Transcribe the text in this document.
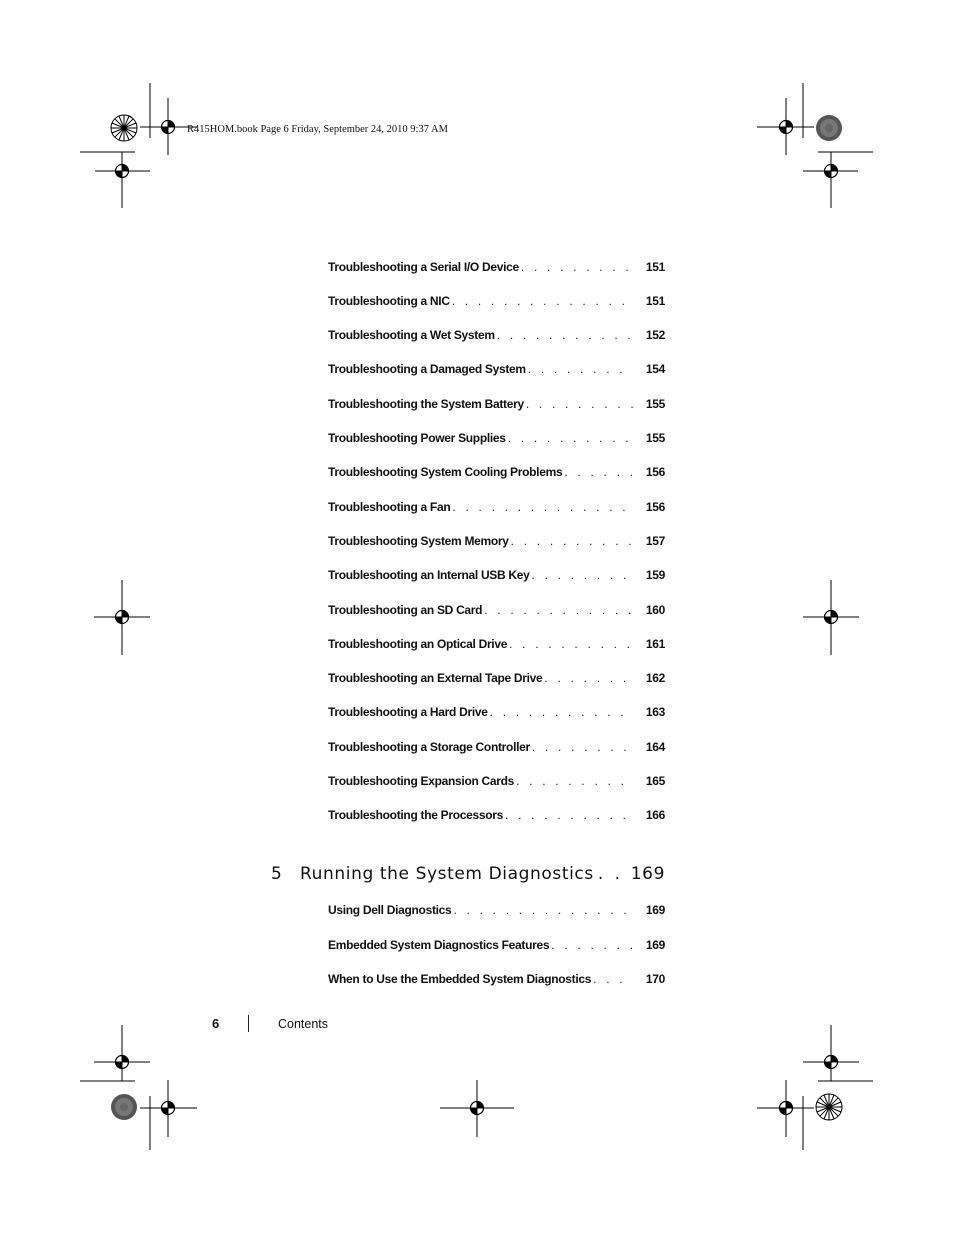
R415HOM.book Page 6 Friday, September 24, 2010 9:37 AM
Troubleshooting a Serial I/O Device . . .	151
Troubleshooting a NIC . . .	151
Troubleshooting a Wet System . . .	152
Troubleshooting a Damaged System . . .	154
Troubleshooting the System Battery . . .	155
Troubleshooting Power Supplies . . .	155
Troubleshooting System Cooling Problems . . .	156
Troubleshooting a Fan . . .	156
Troubleshooting System Memory . . .	157
Troubleshooting an Internal USB Key . . .	159
Troubleshooting an SD Card . . .	160
Troubleshooting an Optical Drive . . .	161
Troubleshooting an External Tape Drive . . .	162
Troubleshooting a Hard Drive . . .	163
Troubleshooting a Storage Controller . . .	164
Troubleshooting Expansion Cards . . .	165
Troubleshooting the Processors . . .	166
5	Running the System Diagnostics . . . 169
Using Dell Diagnostics . . .	169
Embedded System Diagnostics Features . . .	169
When to Use the Embedded System Diagnostics . . .	170
6	Contents
